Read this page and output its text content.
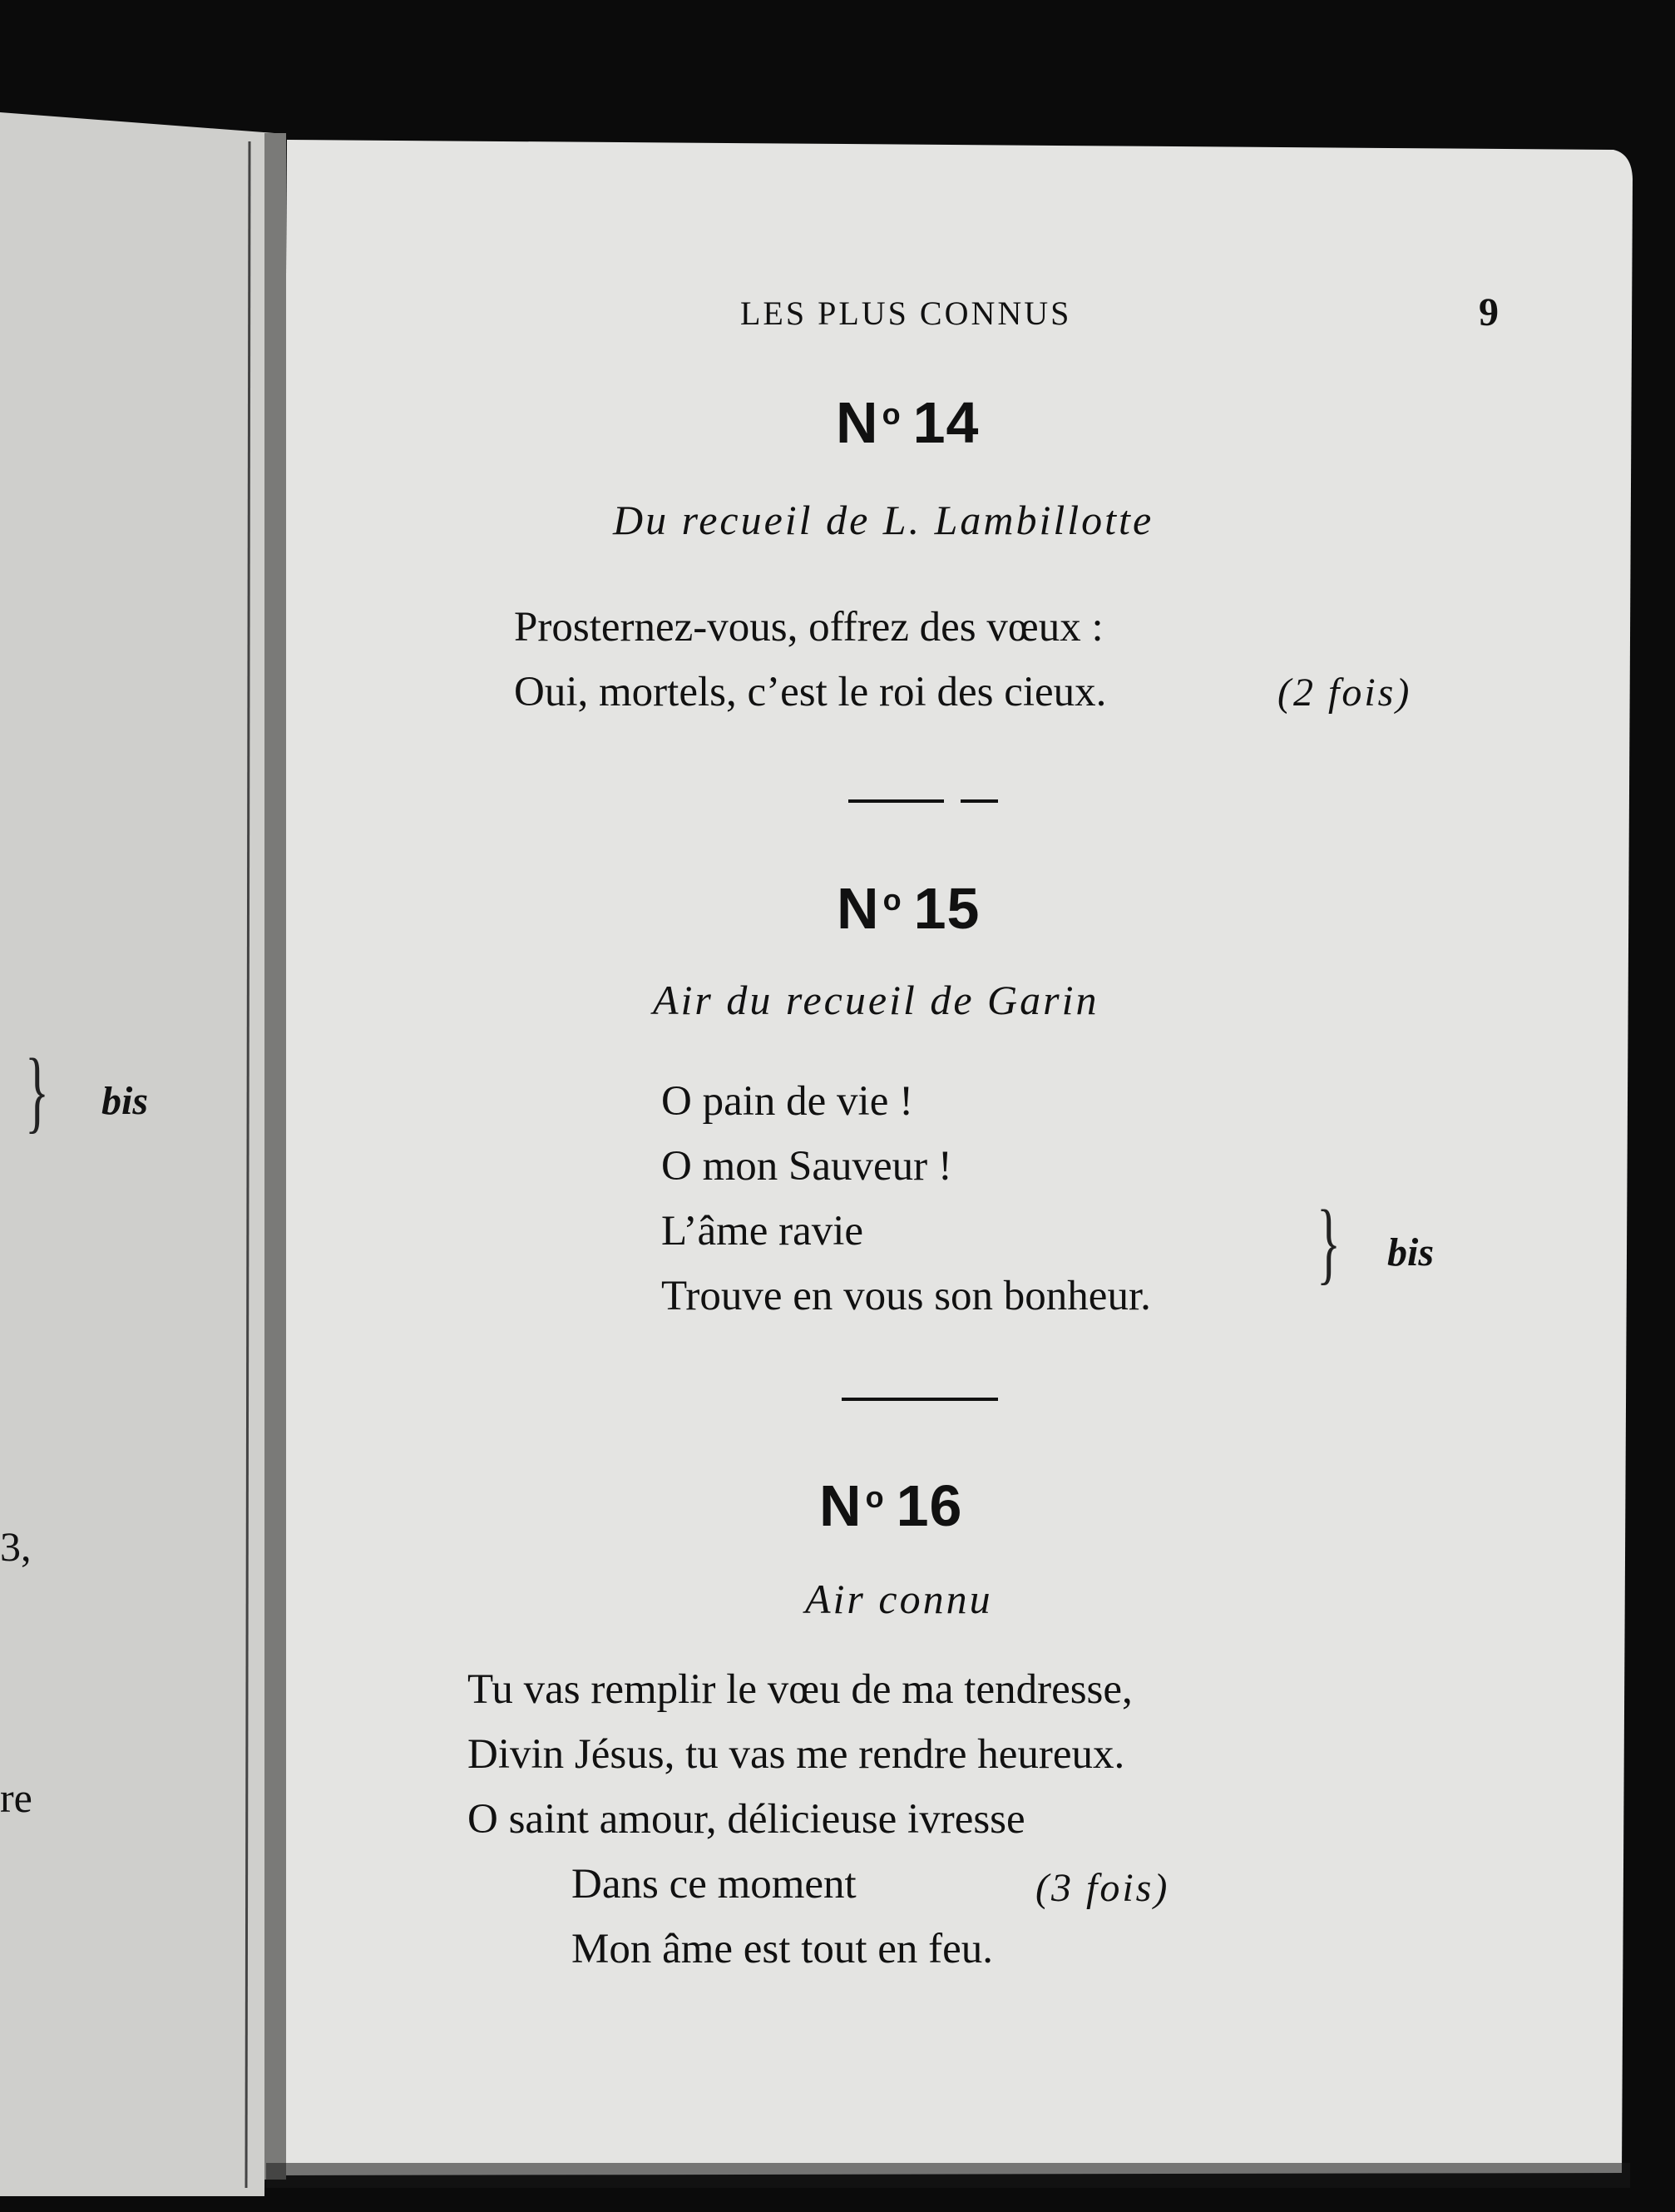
LES PLUS CONNUS	9
N $^o$ 14
Du recueil de L. Lambillotte
Prosternez-vous, offrez des vœux :
Oui, mortels, c’est le roi des cieux.	(2 fois)
N $^o$ 15
Air du recueil de Garin
O pain de vie !
O mon Sauveur !
L’âme ravie
Trouve en vous son bonheur.
} bis
N $^o$ 16
Air connu
Tu vas remplir le vœu de ma tendresse,
Divin Jésus, tu vas me rendre heureux.
O saint amour, délicieuse ivresse
Dans ce moment
Mon âme est tout en feu.
(3 fois)
} bis
3,
re
